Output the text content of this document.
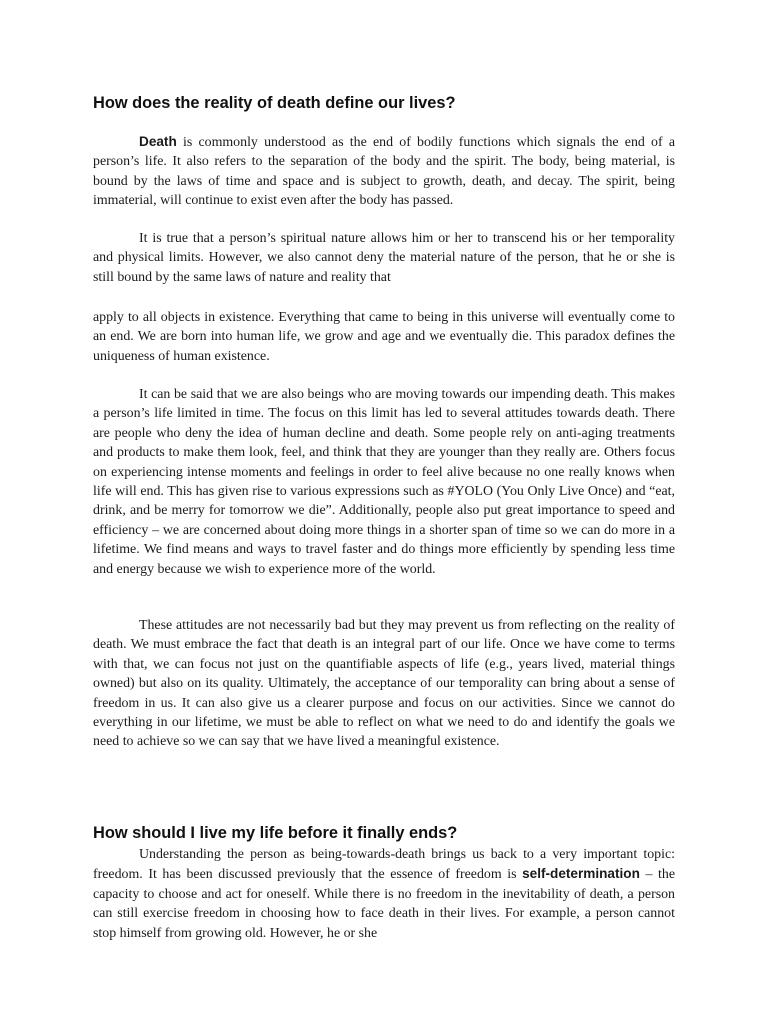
How does the reality of death define our lives?

Death is commonly understood as the end of bodily functions which signals the end of a person’s life. It also refers to the separation of the body and the spirit. The body, being material, is bound by the laws of time and space and is subject to growth, death, and decay. The spirit, being immaterial, will continue to exist even after the body has passed.

It is true that a person’s spiritual nature allows him or her to transcend his or her temporality and physical limits. However, we also cannot deny the material nature of the person, that he or she is still bound by the same laws of nature and reality that

apply to all objects in existence. Everything that came to being in this universe will eventually come to an end. We are born into human life, we grow and age and we eventually die. This paradox defines the uniqueness of human existence.

It can be said that we are also beings who are moving towards our impending death. This makes a person’s life limited in time. The focus on this limit has led to several attitudes towards death. There are people who deny the idea of human decline and death. Some people rely on anti-aging treatments and products to make them look, feel, and think that they are younger than they really are. Others focus on experiencing intense moments and feelings in order to feel alive because no one really knows when life will end. This has given rise to various expressions such as #YOLO (You Only Live Once) and “eat, drink, and be merry for tomorrow we die”. Additionally, people also put great importance to speed and efficiency – we are concerned about doing more things in a shorter span of time so we can do more in a lifetime. We find means and ways to travel faster and do things more efficiently by spending less time and energy because we wish to experience more of the world.

These attitudes are not necessarily bad but they may prevent us from reflecting on the reality of death. We must embrace the fact that death is an integral part of our life. Once we have come to terms with that, we can focus not just on the quantifiable aspects of life (e.g., years lived, material things owned) but also on its quality. Ultimately, the acceptance of our temporality can bring about a sense of freedom in us. It can also give us a clearer purpose and focus on our activities. Since we cannot do everything in our lifetime, we must be able to reflect on what we need to do and identify the goals we need to achieve so we can say that we have lived a meaningful existence.

How should I live my life before it finally ends?

Understanding the person as being-towards-death brings us back to a very important topic: freedom. It has been discussed previously that the essence of freedom is self-determination – the capacity to choose and act for oneself. While there is no freedom in the inevitability of death, a person can still exercise freedom in choosing how to face death in their lives. For example, a person cannot stop himself from growing old. However, he or she
